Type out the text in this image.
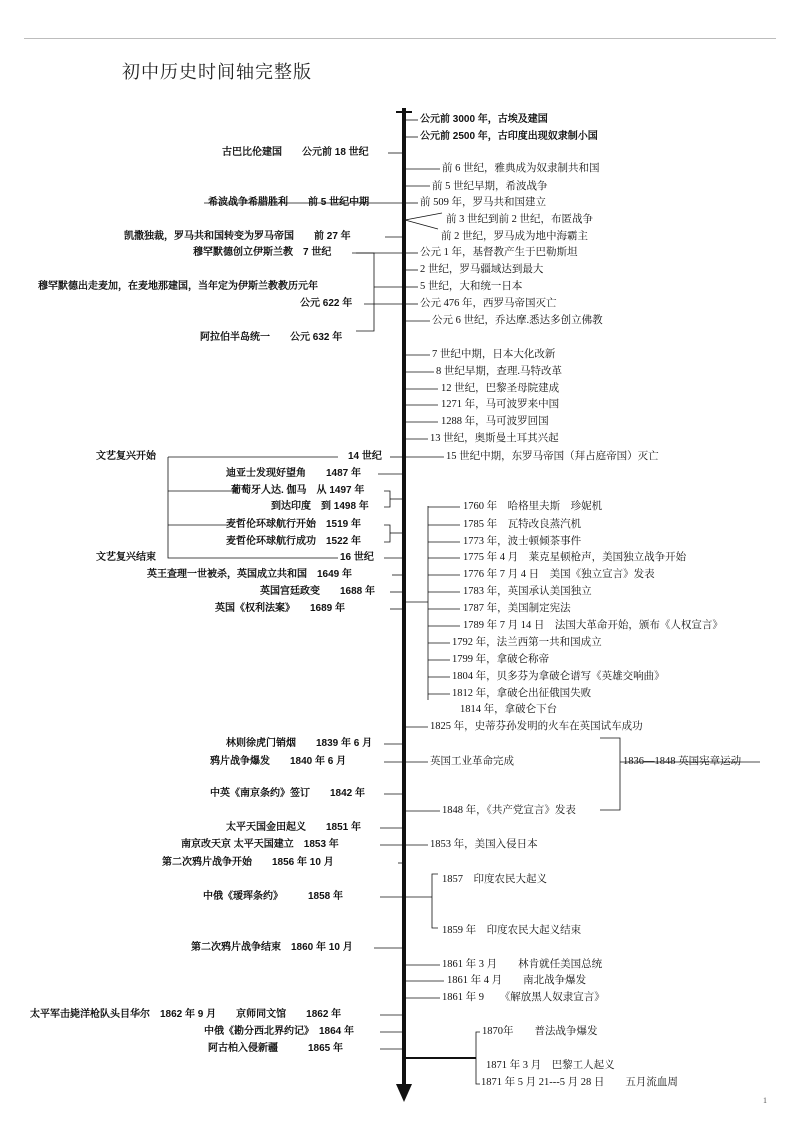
初中历史时间轴完整版
公元前 3000 年，古埃及建国
公元前 2500 年，古印度出现奴隶制小国
前 6 世纪，雅典成为奴隶制共和国
前 5 世纪早期，希波战争
前 509 年，罗马共和国建立
前 3 世纪到前 2 世纪，布匿战争
前 2 世纪，罗马成为地中海霸主
公元 1 年，基督教产生于巴勒斯坦
2 世纪，罗马疆域达到最大
5 世纪，大和统一日本
公元 476 年，西罗马帝国灭亡
公元 6 世纪，乔达摩.悉达多创立佛教
7 世纪中期，日本大化改新
8 世纪早期，查理.马特改革
12 世纪，巴黎圣母院建成
1271 年，马可波罗来中国
1288 年，马可波罗回国
13 世纪，奥斯曼土耳其兴起
15 世纪中期，东罗马帝国（拜占庭帝国）灭亡
1760 年　哈格里夫斯　珍妮机
1785 年　瓦特改良蒸汽机
1773 年，波士顿倾茶事件
1775 年 4 月　莱克星顿枪声，美国独立战争开始
1776 年 7 月 4 日　美国《独立宣言》发表
1783 年，英国承认美国独立
1787 年，美国制定宪法
1789 年 7 月 14 日　法国大革命开始，颁布《人权宣言》
1792 年，法兰西第一共和国成立
1799 年，拿破仑称帝
1804 年，贝多芬为拿破仑谱写《英雄交响曲》
1812 年，拿破仑出征俄国失败
1814 年，拿破仑下台
1825 年，史蒂芬孙发明的火车在英国试车成功
英国工业革命完成	1836—1848 英国宪章运动
1848 年，《共产党宣言》发表
1853 年，美国入侵日本
1857　印度农民大起义
1859 年　印度农民大起义结束
1861 年 3 月　　林肯就任美国总统
1861 年 4 月　　南北战争爆发
1861 年 9　　《解放黑人奴隶宣言》
1870年　　普法战争爆发
1871 年 3 月　巴黎工人起义
1871 年 5 月 21---5 月 28 日　　五月流血周
古巴比伦建国　　公元前 18 世纪
希波战争希腊胜利　　前 5 世纪中期
凯撒独裁，罗马共和国转变为罗马帝国　　前 27 年
穆罕默德创立伊斯兰教　7 世纪
穆罕默德出走麦加，在麦地那建国，当年定为伊斯兰教教历元年
公元 622 年
阿拉伯半岛统一　　公元 632 年
文艺复兴开始	14 世纪
迪亚士发现好望角　　1487 年
葡萄牙人达. 伽马　从 1497 年
到达印度　到 1498 年
麦哲伦环球航行开始　1519 年
麦哲伦环球航行成功　1522 年
文艺复兴结束	16 世纪
英王查理一世被杀，英国成立共和国　1649 年
英国宫廷政变　　1688 年
英国《权利法案》　　1689 年
林则徐虎门销烟　　1839 年 6 月
鸦片战争爆发　　1840 年 6 月
中英《南京条约》签订　　1842 年
太平天国金田起义　　1851 年
南京改天京 太平天国建立　1853 年
第二次鸦片战争开始　　1856 年 10 月
中俄《瑷珲条约》　　　1858 年
第二次鸦片战争结束　1860 年 10 月
太平军击毙洋枪队头目华尔　1862 年 9 月　　京师同文馆　　1862 年
中俄《勘分西北界约记》　1864 年
阿古柏入侵新疆　　　1865 年
1
